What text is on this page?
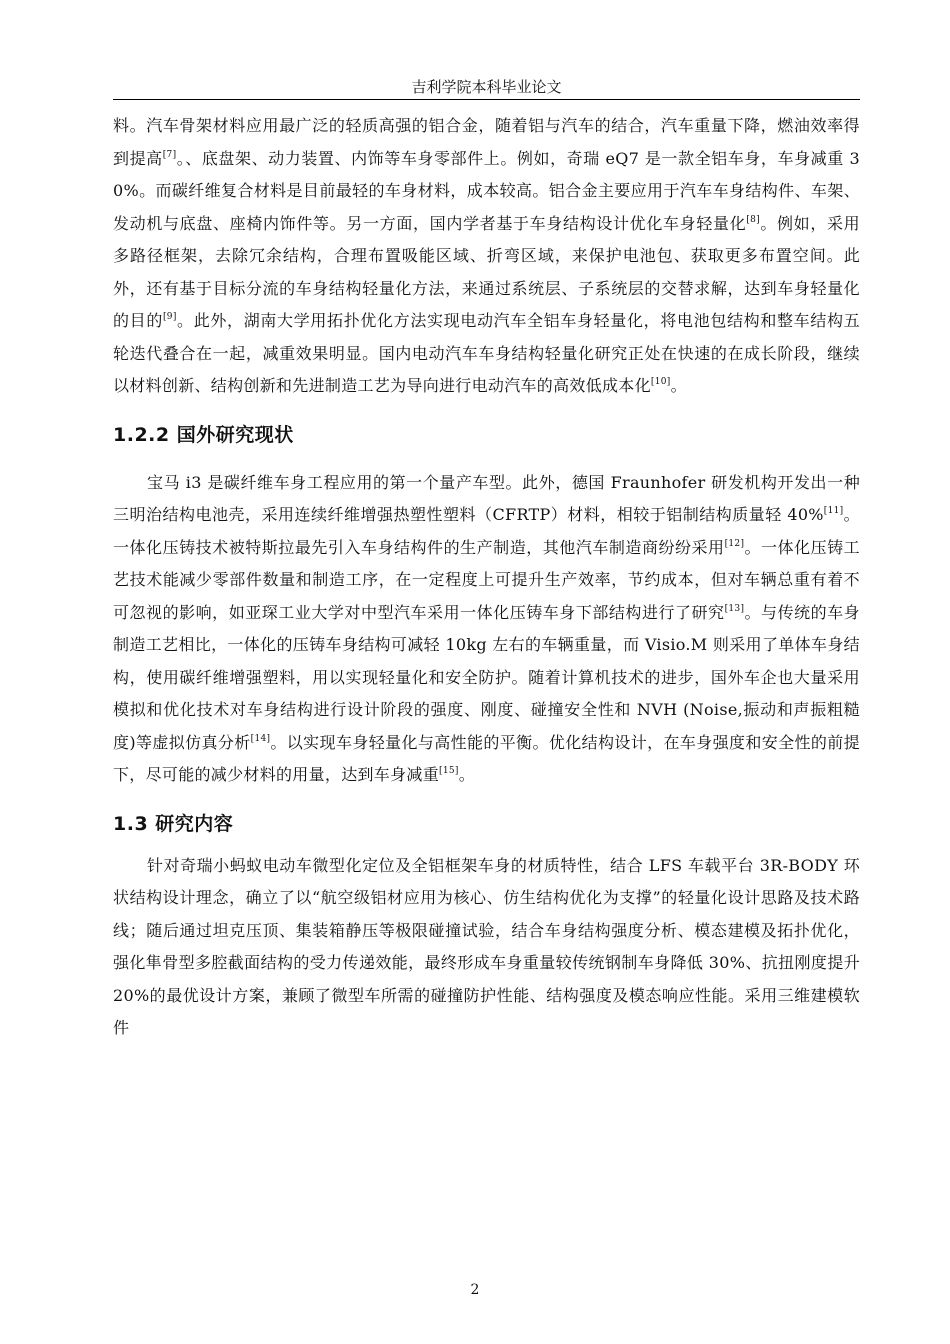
吉利学院本科毕业论文

料。汽车骨架材料应用最广泛的轻质高强的铝合金，随着铝与汽车的结合，汽车重量下降，燃油效率得到提高[7]。、底盘架、动力装置、内饰等车身零部件上。例如，奇瑞 eQ7 是一款全铝车身，车身减重 30%。而碳纤维复合材料是目前最轻的车身材料，成本较高。铝合金主要应用于汽车车身结构件、车架、发动机与底盘、座椅内饰件等。另一方面，国内学者基于车身结构设计优化车身轻量化[8]。例如，采用多路径框架，去除冗余结构，合理布置吸能区域、折弯区域，来保护电池包、获取更多布置空间。此外，还有基于目标分流的车身结构轻量化方法，来通过系统层、子系统层的交替求解，达到车身轻量化的目的[9]。此外，湖南大学用拓扑优化方法实现电动汽车全铝车身轻量化，将电池包结构和整车结构五轮迭代叠合在一起，减重效果明显。国内电动汽车车身结构轻量化研究正处在快速的在成长阶段，继续以材料创新、结构创新和先进制造工艺为导向进行电动汽车的高效低成本化[10]。

1.2.2 国外研究现状

宝马 i3 是碳纤维车身工程应用的第一个量产车型。此外，德国 Fraunhofer 研发机构开发出一种三明治结构电池壳，采用连续纤维增强热塑性塑料（CFRTP）材料，相较于铝制结构质量轻 40%[11]。一体化压铸技术被特斯拉最先引入车身结构件的生产制造，其他汽车制造商纷纷采用[12]。一体化压铸工艺技术能减少零部件数量和制造工序，在一定程度上可提升生产效率，节约成本，但对车辆总重有着不可忽视的影响，如亚琛工业大学对中型汽车采用一体化压铸车身下部结构进行了研究[13]。与传统的车身制造工艺相比，一体化的压铸车身结构可减轻 10kg 左右的车辆重量，而 Visio.M 则采用了单体车身结构，使用碳纤维增强塑料，用以实现轻量化和安全防护。随着计算机技术的进步，国外车企也大量采用模拟和优化技术对车身结构进行设计阶段的强度、刚度、碰撞安全性和 NVH (Noise,振动和声振粗糙度)等虚拟仿真分析[14]。以实现车身轻量化与高性能的平衡。优化结构设计，在车身强度和安全性的前提下，尽可能的减少材料的用量，达到车身减重[15]。

1.3 研究内容

针对奇瑞小蚂蚁电动车微型化定位及全铝框架车身的材质特性，结合 LFS 车载平台 3R-BODY 环状结构设计理念，确立了以“航空级铝材应用为核心、仿生结构优化为支撑”的轻量化设计思路及技术路线；随后通过坦克压顶、集装箱静压等极限碰撞试验，结合车身结构强度分析、模态建模及拓扑优化，强化隼骨型多腔截面结构的受力传递效能，最终形成车身重量较传统钢制车身降低 30%、抗扭刚度提升 20%的最优设计方案，兼顾了微型车所需的碰撞防护性能、结构强度及模态响应性能。采用三维建模软件

2
